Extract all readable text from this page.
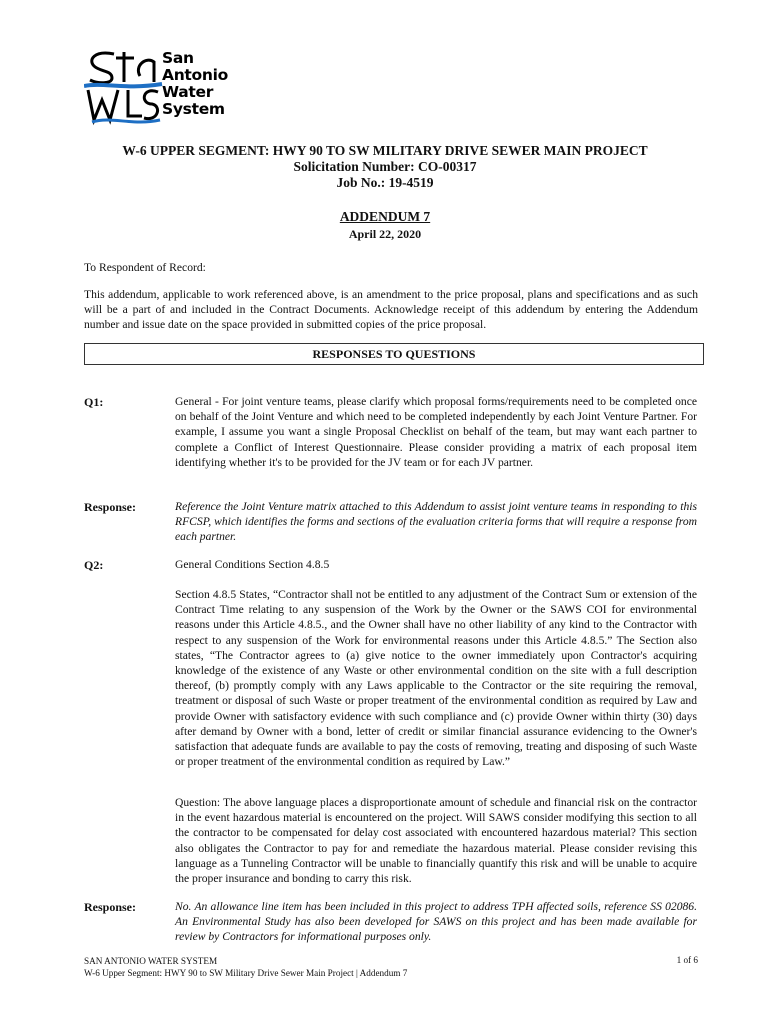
San
Antonio
Water
System
W-6 UPPER SEGMENT: HWY 90 TO SW MILITARY DRIVE SEWER MAIN PROJECT
Solicitation Number: CO-00317
Job No.: 19-4519
ADDENDUM 7
April 22, 2020
To Respondent of Record:
This addendum, applicable to work referenced above, is an amendment to the price proposal, plans and specifications and as such will be a part of and included in the Contract Documents. Acknowledge receipt of this addendum by entering the Addendum number and issue date on the space provided in submitted copies of the price proposal.
RESPONSES TO QUESTIONS
Q1:	General - For joint venture teams, please clarify which proposal forms/requirements need to be completed once on behalf of the Joint Venture and which need to be completed independently by each Joint Venture Partner. For example, I assume you want a single Proposal Checklist on behalf of the team, but may want each partner to complete a Conflict of Interest Questionnaire. Please consider providing a matrix of each proposal item identifying whether it's to be provided for the JV team or for each JV partner.
Response:	Reference the Joint Venture matrix attached to this Addendum to assist joint venture teams in responding to this RFCSP, which identifies the forms and sections of the evaluation criteria forms that will require a response from each partner.
Q2:	General Conditions Section 4.8.5
Section 4.8.5 States, “Contractor shall not be entitled to any adjustment of the Contract Sum or extension of the Contract Time relating to any suspension of the Work by the Owner or the SAWS COI for environmental reasons under this Article 4.8.5., and the Owner shall have no other liability of any kind to the Contractor with respect to any suspension of the Work for environmental reasons under this Article 4.8.5.” The Section also states, “The Contractor agrees to (a) give notice to the owner immediately upon Contractor's acquiring knowledge of the existence of any Waste or other environmental condition on the site with a full description thereof, (b) promptly comply with any Laws applicable to the Contractor or the site requiring the removal, treatment or disposal of such Waste or proper treatment of the environmental condition as required by Law and provide Owner with satisfactory evidence with such compliance and (c) provide Owner within thirty (30) days after demand by Owner with a bond, letter of credit or similar financial assurance evidencing to the Owner's satisfaction that adequate funds are available to pay the costs of removing, treating and disposing of such Waste or proper treatment of the environmental condition as required by Law.”
Question: The above language places a disproportionate amount of schedule and financial risk on the contractor in the event hazardous material is encountered on the project. Will SAWS consider modifying this section to all the contractor to be compensated for delay cost associated with encountered hazardous material? This section also obligates the Contractor to pay for and remediate the hazardous material. Please consider revising this language as a Tunneling Contractor will be unable to financially quantify this risk and will be unable to acquire the proper insurance and bonding to carry this risk.
Response:	No. An allowance line item has been included in this project to address TPH affected soils, reference SS 02086. An Environmental Study has also been developed for SAWS on this project and has been made available for review by Contractors for informational purposes only.
SAN ANTONIO WATER SYSTEM
W-6 Upper Segment: HWY 90 to SW Military Drive Sewer Main Project | Addendum 7
1 of 6
